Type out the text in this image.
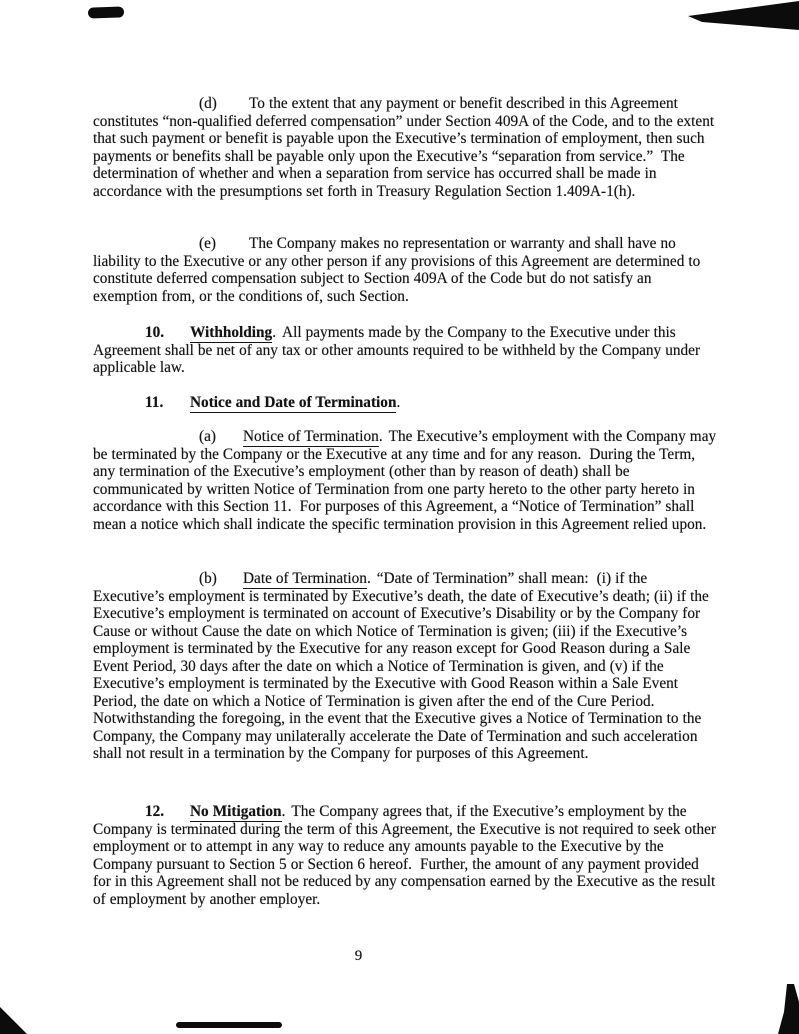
(d) To the extent that any payment or benefit described in this Agreement constitutes “non-qualified deferred compensation” under Section 409A of the Code, and to the extent that such payment or benefit is payable upon the Executive’s termination of employment, then such payments or benefits shall be payable only upon the Executive’s “separation from service.”  The determination of whether and when a separation from service has occurred shall be made in accordance with the presumptions set forth in Treasury Regulation Section 1.409A-1(h).

(e) The Company makes no representation or warranty and shall have no liability to the Executive or any other person if any provisions of this Agreement are determined to constitute deferred compensation subject to Section 409A of the Code but do not satisfy an exemption from, or the conditions of, such Section.

10. Withholding. All payments made by the Company to the Executive under this Agreement shall be net of any tax or other amounts required to be withheld by the Company under applicable law.

11. Notice and Date of Termination.

(a) Notice of Termination. The Executive’s employment with the Company may be terminated by the Company or the Executive at any time and for any reason.  During the Term, any termination of the Executive’s employment (other than by reason of death) shall be communicated by written Notice of Termination from one party hereto to the other party hereto in accordance with this Section 11.  For purposes of this Agreement, a “Notice of Termination” shall mean a notice which shall indicate the specific termination provision in this Agreement relied upon.

(b) Date of Termination. “Date of Termination” shall mean:  (i) if the Executive’s employment is terminated by Executive’s death, the date of Executive’s death; (ii) if the Executive’s employment is terminated on account of Executive’s Disability or by the Company for Cause or without Cause the date on which Notice of Termination is given; (iii) if the Executive’s employment is terminated by the Executive for any reason except for Good Reason during a Sale Event Period, 30 days after the date on which a Notice of Termination is given, and (v) if the Executive’s employment is terminated by the Executive with Good Reason within a Sale Event Period, the date on which a Notice of Termination is given after the end of the Cure Period.  Notwithstanding the foregoing, in the event that the Executive gives a Notice of Termination to the Company, the Company may unilaterally accelerate the Date of Termination and such acceleration shall not result in a termination by the Company for purposes of this Agreement.

12. No Mitigation. The Company agrees that, if the Executive’s employment by the Company is terminated during the term of this Agreement, the Executive is not required to seek other employment or to attempt in any way to reduce any amounts payable to the Executive by the Company pursuant to Section 5 or Section 6 hereof.  Further, the amount of any payment provided for in this Agreement shall not be reduced by any compensation earned by the Executive as the result of employment by another employer.

9
